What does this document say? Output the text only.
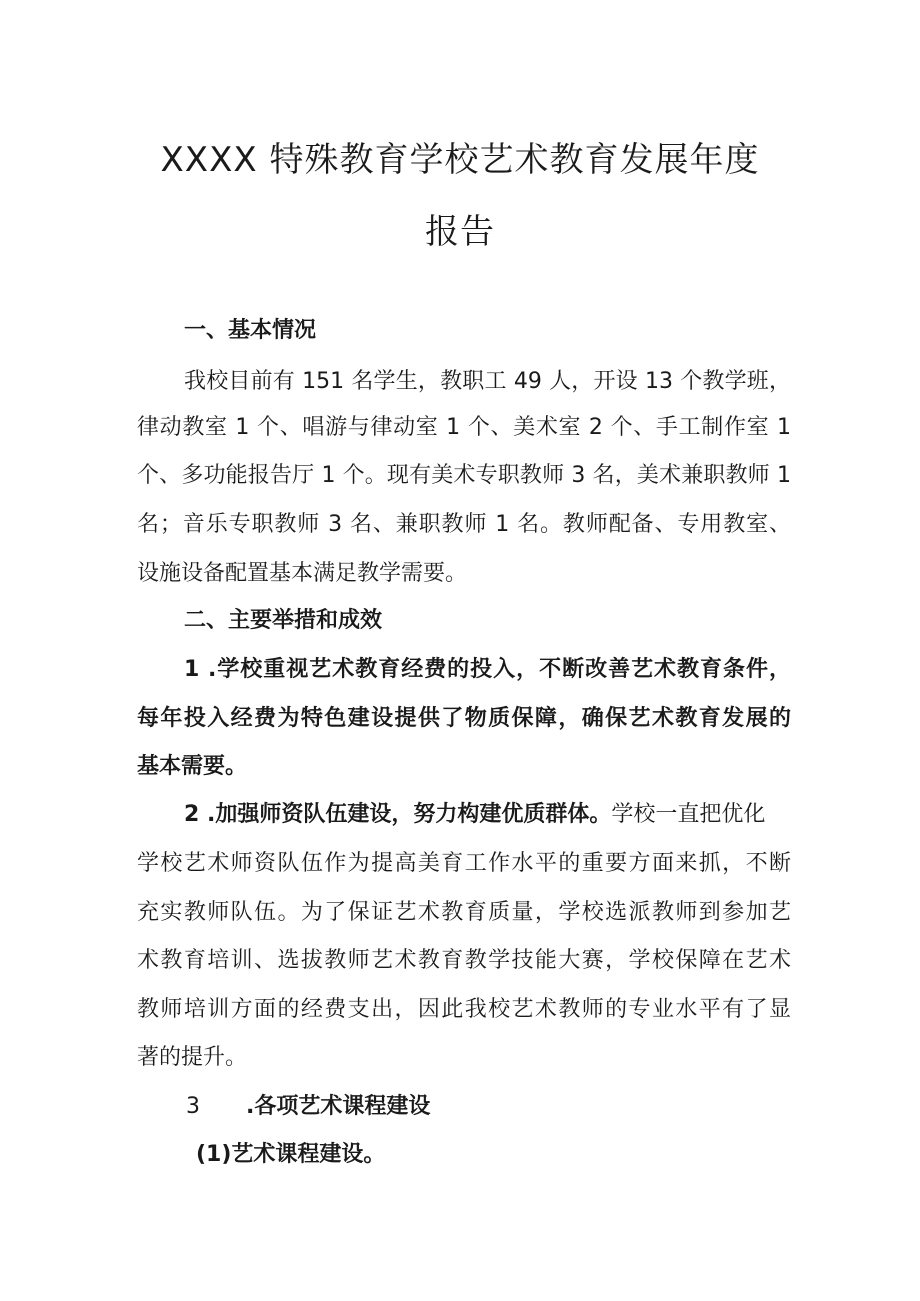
XXXX 特殊教育学校艺术教育发展年度
报告

一、基本情况

我校目前有 151 名学生，教职工 49 人，开设 13 个教学班，

律动教室 1 个、唱游与律动室 1 个、美术室 2 个、手工制作室 1

个、多功能报告厅 1 个。现有美术专职教师 3 名，美术兼职教师 1

名；音乐专职教师 3 名、兼职教师 1 名。教师配备、专用教室、

设施设备配置基本满足教学需要。

二、主要举措和成效

1 .学校重视艺术教育经费的投入，不断改善艺术教育条件，

每年投入经费为特色建设提供了物质保障，确保艺术教育发展的

基本需要。

2 .加强师资队伍建设，努力构建优质群体。学校一直把优化

学校艺术师资队伍作为提高美育工作水平的重要方面来抓，不断

充实教师队伍。为了保证艺术教育质量，学校选派教师到参加艺

术教育培训、选拔教师艺术教育教学技能大赛，学校保障在艺术

教师培训方面的经费支出，因此我校艺术教师的专业水平有了显

著的提升。

3 .各项艺术课程建设

(1)艺术课程建设。
